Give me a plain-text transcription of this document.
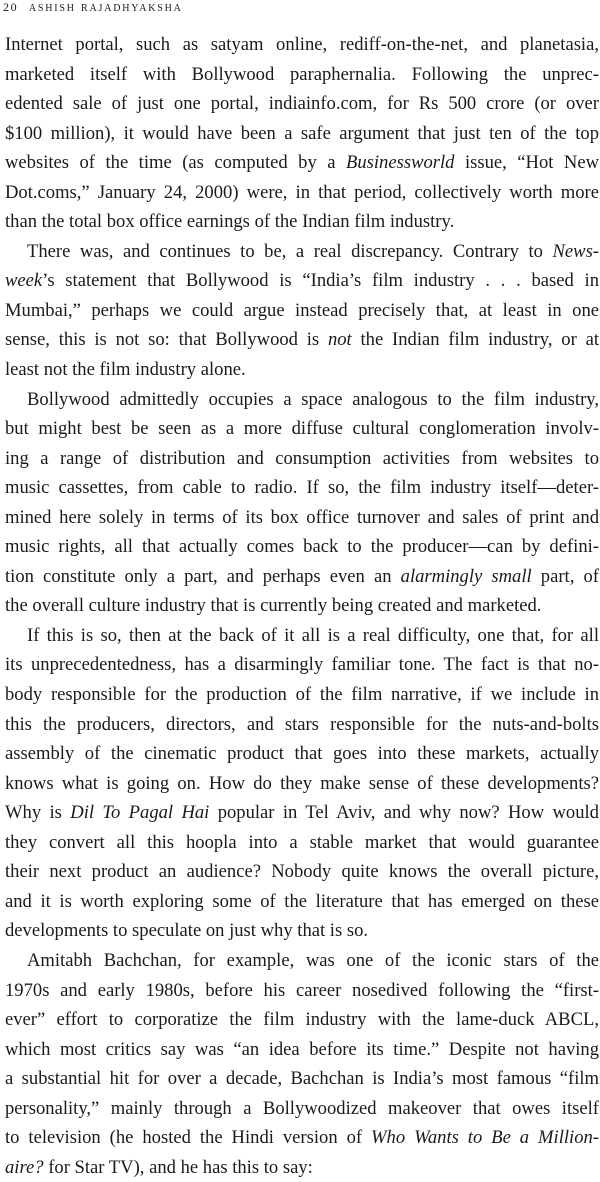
20 ashish rajadhyaksha
Internet portal, such as satyam online, rediff-on-the-net, and planetasia,
marketed itself with Bollywood paraphernalia. Following the unprec-
edented sale of just one portal, indiainfo.com, for Rs 500 crore (or over
$100 million), it would have been a safe argument that just ten of the top
websites of the time (as computed by a Businessworld issue, “Hot New
Dot.coms,” January 24, 2000) were, in that period, collectively worth more
than the total box office earnings of the Indian film industry.
There was, and continues to be, a real discrepancy. Contrary to News-
week’s statement that Bollywood is “India’s film industry . . . based in
Mumbai,” perhaps we could argue instead precisely that, at least in one
sense, this is not so: that Bollywood is not the Indian film industry, or at
least not the film industry alone.
Bollywood admittedly occupies a space analogous to the film industry,
but might best be seen as a more diffuse cultural conglomeration involv-
ing a range of distribution and consumption activities from websites to
music cassettes, from cable to radio. If so, the film industry itself—deter-
mined here solely in terms of its box office turnover and sales of print and
music rights, all that actually comes back to the producer—can by defini-
tion constitute only a part, and perhaps even an alarmingly small part, of
the overall culture industry that is currently being created and marketed.
If this is so, then at the back of it all is a real difficulty, one that, for all
its unprecedentedness, has a disarmingly familiar tone. The fact is that no-
body responsible for the production of the film narrative, if we include in
this the producers, directors, and stars responsible for the nuts-and-bolts
assembly of the cinematic product that goes into these markets, actually
knows what is going on. How do they make sense of these developments?
Why is Dil To Pagal Hai popular in Tel Aviv, and why now? How would
they convert all this hoopla into a stable market that would guarantee
their next product an audience? Nobody quite knows the overall picture,
and it is worth exploring some of the literature that has emerged on these
developments to speculate on just why that is so.
Amitabh Bachchan, for example, was one of the iconic stars of the
1970s and early 1980s, before his career nosedived following the “first-
ever” effort to corporatize the film industry with the lame-duck ABCL,
which most critics say was “an idea before its time.” Despite not having
a substantial hit for over a decade, Bachchan is India’s most famous “film
personality,” mainly through a Bollywoodized makeover that owes itself
to television (he hosted the Hindi version of Who Wants to Be a Million-
aire? for Star TV), and he has this to say:
